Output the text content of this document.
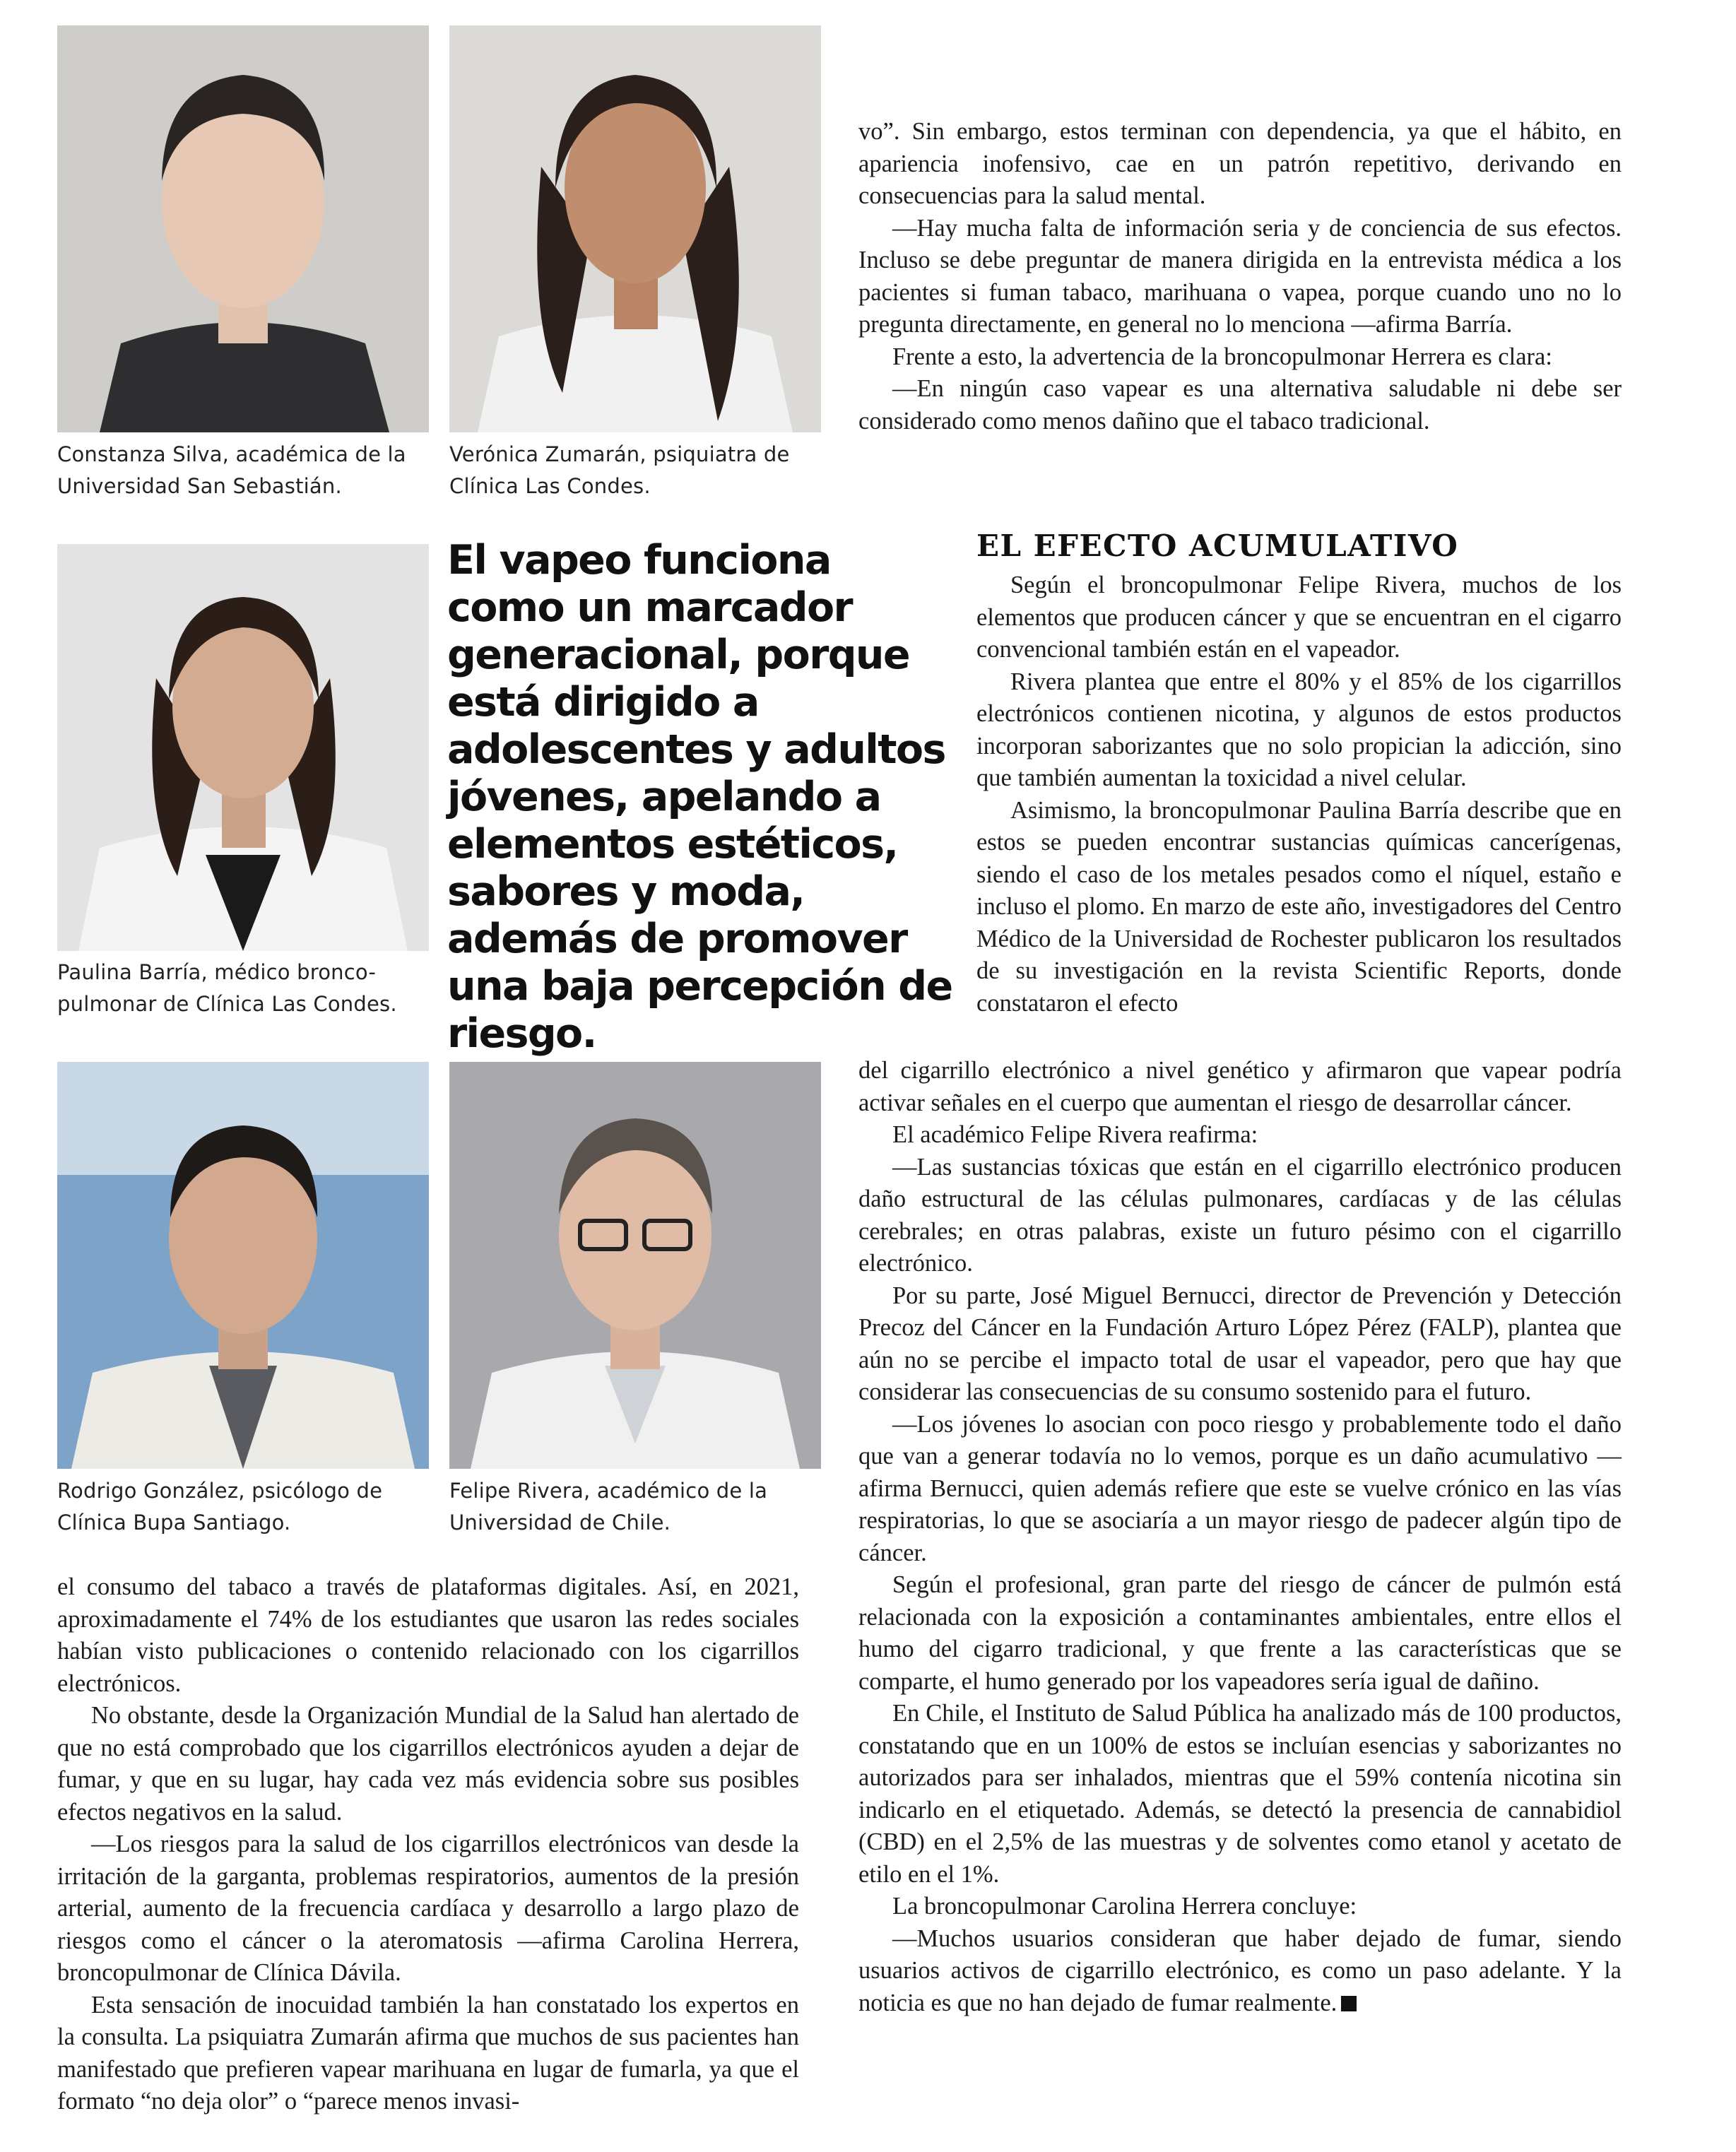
Constanza Silva, académica de la Universidad San Sebastián.
Verónica Zumarán, psiquiatra de Clínica Las Condes.
Paulina Barría, médico bronco-pulmonar de Clínica Las Condes.
Rodrigo González, psicólogo de Clínica Bupa Santiago.
Felipe Rivera, académico de la Universidad de Chile.
El vapeo funciona como un marcador generacional, porque está dirigido a adolescentes y adultos jóvenes, apelando a elementos estéticos, sabores y moda, además de promover una baja percepción de riesgo.

el consumo del tabaco a través de plataformas digitales. Así, en 2021, aproximadamente el 74% de los estudiantes que usaron las redes sociales habían visto publicaciones o contenido relacionado con los cigarrillos electrónicos.

No obstante, desde la Organización Mundial de la Salud han alertado de que no está comprobado que los cigarrillos electrónicos ayuden a dejar de fumar, y que en su lugar, hay cada vez más evidencia sobre sus posibles efectos negativos en la salud.

—Los riesgos para la salud de los cigarrillos electrónicos van desde la irritación de la garganta, problemas respiratorios, aumentos de la presión arterial, aumento de la frecuencia cardíaca y desarrollo a largo plazo de riesgos como el cáncer o la ateromatosis —afirma Carolina Herrera, broncopulmonar de Clínica Dávila.

Esta sensación de inocuidad también la han constatado los expertos en la consulta. La psiquiatra Zumarán afirma que muchos de sus pacientes han manifestado que prefieren vapear marihuana en lugar de fumarla, ya que el formato “no deja olor” o “parece menos invasi-

vo”. Sin embargo, estos terminan con dependencia, ya que el hábito, en apariencia inofensivo, cae en un patrón repetitivo, derivando en consecuencias para la salud mental.

—Hay mucha falta de información seria y de conciencia de sus efectos. Incluso se debe preguntar de manera dirigida en la entrevista médica a los pacientes si fuman tabaco, marihuana o vapea, porque cuando uno no lo pregunta directamente, en general no lo menciona —afirma Barría.

Frente a esto, la advertencia de la broncopulmonar Herrera es clara:

—En ningún caso vapear es una alternativa saludable ni debe ser considerado como menos dañino que el tabaco tradicional.

EL EFECTO ACUMULATIVO

Según el broncopulmonar Felipe Rivera, muchos de los elementos que producen cáncer y que se encuentran en el cigarro convencional también están en el vapeador.

Rivera plantea que entre el 80% y el 85% de los cigarrillos electrónicos contienen nicotina, y algunos de estos productos incorporan saborizantes que no solo propician la adicción, sino que también aumentan la toxicidad a nivel celular.

Asimismo, la broncopulmonar Paulina Barría describe que en estos se pueden encontrar sustancias químicas cancerígenas, siendo el caso de los metales pesados como el níquel, estaño e incluso el plomo. En marzo de este año, investigadores del Centro Médico de la Universidad de Rochester publicaron los resultados de su investigación en la revista Scientific Reports, donde constataron el efecto

del cigarrillo electrónico a nivel genético y afirmaron que vapear podría activar señales en el cuerpo que aumentan el riesgo de desarrollar cáncer.

El académico Felipe Rivera reafirma:

—Las sustancias tóxicas que están en el cigarrillo electrónico producen daño estructural de las células pulmonares, cardíacas y de las células cerebrales; en otras palabras, existe un futuro pésimo con el cigarrillo electrónico.

Por su parte, José Miguel Bernucci, director de Prevención y Detección Precoz del Cáncer en la Fundación Arturo López Pérez (FALP), plantea que aún no se percibe el impacto total de usar el vapeador, pero que hay que considerar las consecuencias de su consumo sostenido para el futuro.

—Los jóvenes lo asocian con poco riesgo y probablemente todo el daño que van a generar todavía no lo vemos, porque es un daño acumulativo —afirma Bernucci, quien además refiere que este se vuelve crónico en las vías respiratorias, lo que se asociaría a un mayor riesgo de padecer algún tipo de cáncer.

Según el profesional, gran parte del riesgo de cáncer de pulmón está relacionada con la exposición a contaminantes ambientales, entre ellos el humo del cigarro tradicional, y que frente a las características que se comparte, el humo generado por los vapeadores sería igual de dañino.

En Chile, el Instituto de Salud Pública ha analizado más de 100 productos, constatando que en un 100% de estos se incluían esencias y saborizantes no autorizados para ser inhalados, mientras que el 59% contenía nicotina sin indicarlo en el etiquetado. Además, se detectó la presencia de cannabidiol (CBD) en el 2,5% de las muestras y de solventes como etanol y acetato de etilo en el 1%.

La broncopulmonar Carolina Herrera concluye:

—Muchos usuarios consideran que haber dejado de fumar, siendo usuarios activos de cigarrillo electrónico, es como un paso adelante. Y la noticia es que no han dejado de fumar realmente.
